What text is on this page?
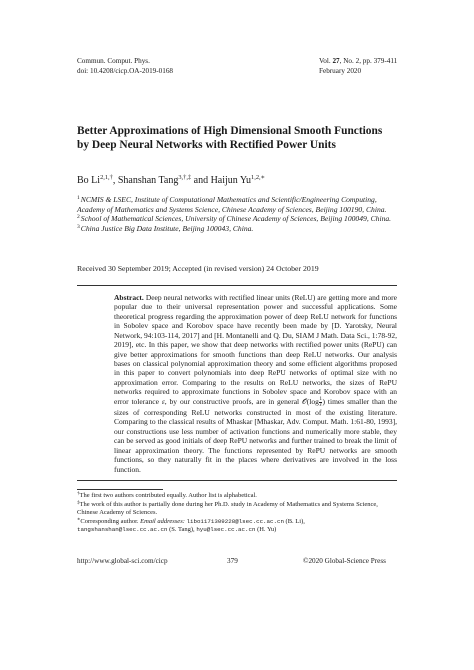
Commun. Comput. Phys.
doi: 10.4208/cicp.OA-2019-0168
Vol. 27, No. 2, pp. 379-411
February 2020
Better Approximations of High Dimensional Smooth Functions by Deep Neural Networks with Rectified Power Units
Bo $Li^{2,1,\dagger}$, Shanshan Tang$^{3,\dagger,\ddagger}$ and Haijun $Yu^{1,2,∗}$
$^1$NCMIS & LSEC, Institute of Computational Mathematics and Scientific/Engineering Computing, Academy of Mathematics and Systems Science, Chinese Academy of Sciences, Beijing 100190, China.
$^2$School of Mathematical Sciences, University of Chinese Academy of Sciences, Beijing 100049, China.
$^3$China Justice Big Data Institute, Beijing 100043, China.
Received 30 September 2019; Accepted (in revised version) 24 October 2019
Abstract. Deep neural networks with rectified linear units (ReLU) are getting more and more popular due to their universal representation power and successful applications. Some theoretical progress regarding the approximation power of deep ReLU network for functions in Sobolev space and Korobov space have recently been made by [D. Yarotsky, Neural Network, 94:103-114, 2017] and [H. Montanelli and Q. Du, SIAM J Math. Data Sci., 1:78-92, 2019], etc. In this paper, we show that deep networks with rectified power units (RePU) can give better approximations for smooth functions than deep ReLU networks. Our analysis bases on classical polynomial approximation theory and some efficient algorithms proposed in this paper to convert polynomials into deep RePU networks of optimal size with no approximation error. Comparing to the results on ReLU networks, the sizes of RePU networks required to approximate functions in Sobolev space and Korobov space with an error tolerance ε, by our constructive proofs, are in general 𝒪(log $\frac{1}{\varepsilon}$ ) times smaller than the sizes of corresponding ReLU networks constructed in most of the existing literature. Comparing to the classical results of Mhaskar [Mhaskar, Adv. Comput. Math. 1:61-80, 1993], our constructions use less number of activation functions and numerically more stable, they can be served as good initials of deep RePU networks and further trained to break the limit of linear approximation theory. The functions represented by RePU networks are smooth functions, so they naturally fit in the places where derivatives are involved in the loss function.
†The first two authors contributed equally. Author list is alphabetical.
‡The work of this author is partially done during her Ph.D. study in Academy of Mathematics and Systems Science, Chinese Academy of Sciences.
∗Corresponding author. Email addresses: libo1171309228@lsec.cc.ac.cn (B. Li),
tangshanshan@lsec.cc.ac.cn (S. Tang), hyu@lsec.cc.ac.cn (H. Yu)
http://www.global-sci.com/cicp	379	©2020 Global-Science Press
